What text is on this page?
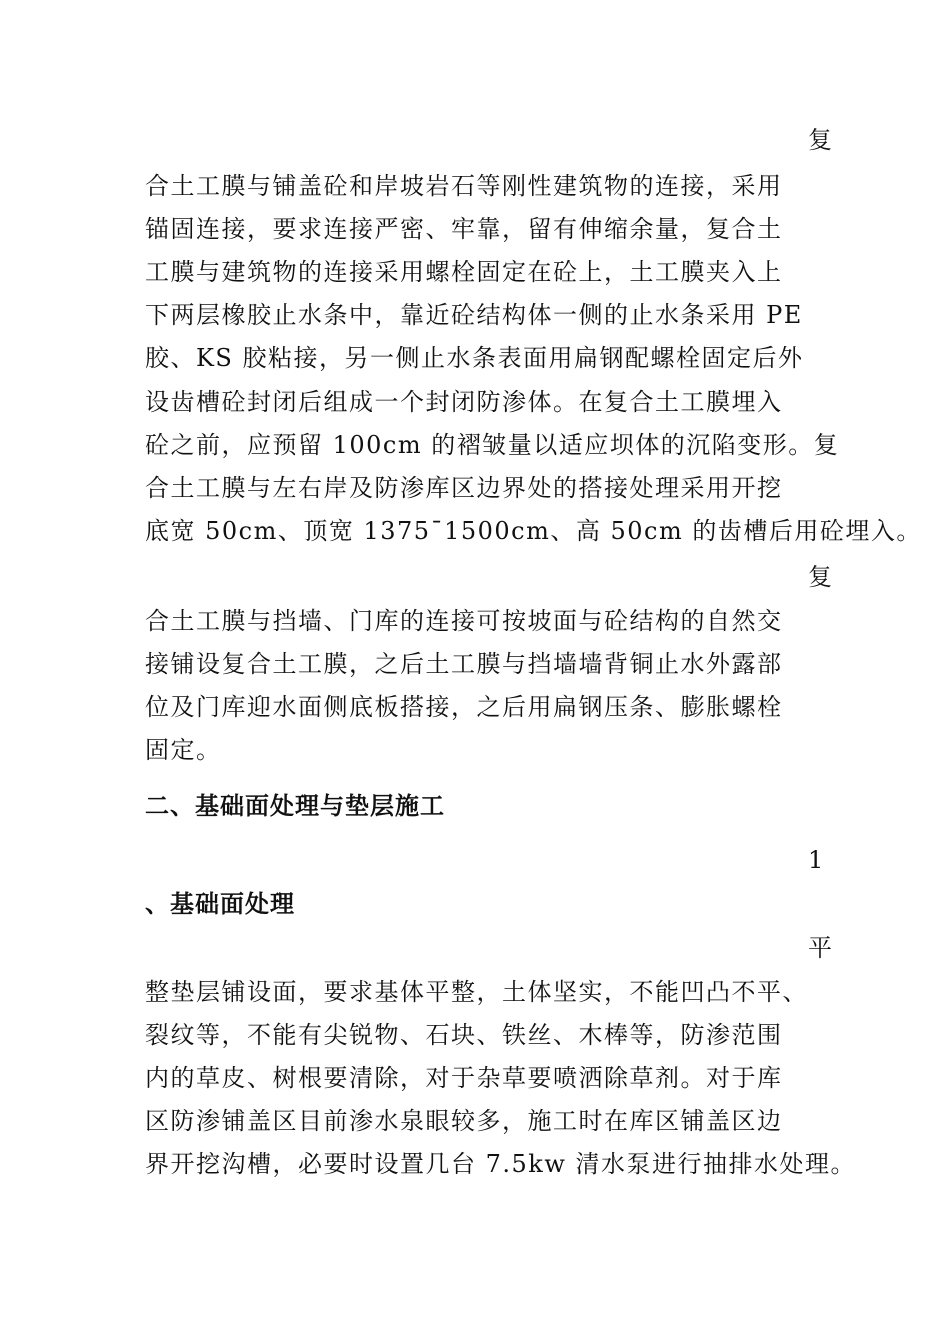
复
合土工膜与铺盖砼和岸坡岩石等刚性建筑物的连接，采用
锚固连接，要求连接严密、牢靠，留有伸缩余量，复合土
工膜与建筑物的连接采用螺栓固定在砼上，土工膜夹入上
下两层橡胶止水条中，靠近砼结构体一侧的止水条采用 PE
胶、KS 胶粘接，另一侧止水条表面用扁钢配螺栓固定后外
设齿槽砼封闭后组成一个封闭防渗体。在复合土工膜埋入
砼之前，应预留 100cm 的褶皱量以适应坝体的沉陷变形。复
合土工膜与左右岸及防渗库区边界处的搭接处理采用开挖
底宽 50cm、顶宽 1375¯1500cm、高 50cm 的齿槽后用砼埋入。
复
合土工膜与挡墙、门库的连接可按坡面与砼结构的自然交
接铺设复合土工膜，之后土工膜与挡墙墙背铜止水外露部
位及门库迎水面侧底板搭接，之后用扁钢压条、膨胀螺栓
固定。
二、基础面处理与垫层施工
1
、基础面处理
平
整垫层铺设面，要求基体平整，土体坚实，不能凹凸不平、
裂纹等，不能有尖锐物、石块、铁丝、木棒等，防渗范围
内的草皮、树根要清除，对于杂草要喷洒除草剂。对于库
区防渗铺盖区目前渗水泉眼较多，施工时在库区铺盖区边
界开挖沟槽，必要时设置几台 7.5kw 清水泵进行抽排水处理。
